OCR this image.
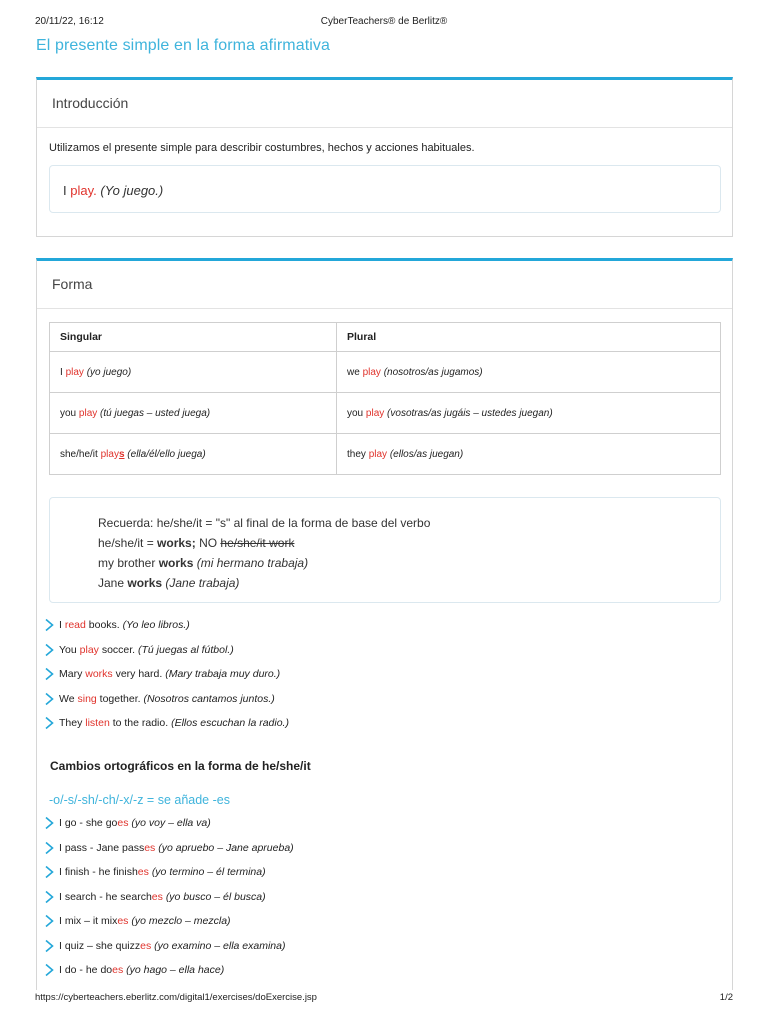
20/11/22, 16:12	CyberTeachers® de Berlitz®
El presente simple en la forma afirmativa
Introducción

Utilizamos el presente simple para describir costumbres, hechos y acciones habituales.

I play. (Yo juego.)
Forma
Singular	Plural
I play (yo juego)	we play (nosotros/as jugamos)
you play (tú juegas – usted juega)	you play (vosotras/as jugáis – ustedes juegan)
she/he/it plays (ella/él/ello juega)	they play (ellos/as juegan)
Recuerda: he/she/it = "s" al final de la forma de base del verbo
he/she/it = works; NO he/she/it work
my brother works (mi hermano trabaja)
Jane works (Jane trabaja)
I read books. (Yo leo libros.)
You play soccer. (Tú juegas al fútbol.)
Mary works very hard. (Mary trabaja muy duro.)
We sing together. (Nosotros cantamos juntos.)
They listen to the radio. (Ellos escuchan la radio.)
Cambios ortográficos en la forma de he/she/it
-o/-s/-sh/-ch/-x/-z = se añade -es
I go - she goes (yo voy – ella va)
I pass - Jane passes (yo apruebo – Jane aprueba)
I finish - he finishes (yo termino – él termina)
I search - he searches (yo busco – él busca)
I mix – it mixes (yo mezclo – mezcla)
I quiz – she quizzes (yo examino – ella examina)
I do - he does (yo hago – ella hace)
https://cyberteachers.eberlitz.com/digital1/exercises/doExercise.jsp	1/2
